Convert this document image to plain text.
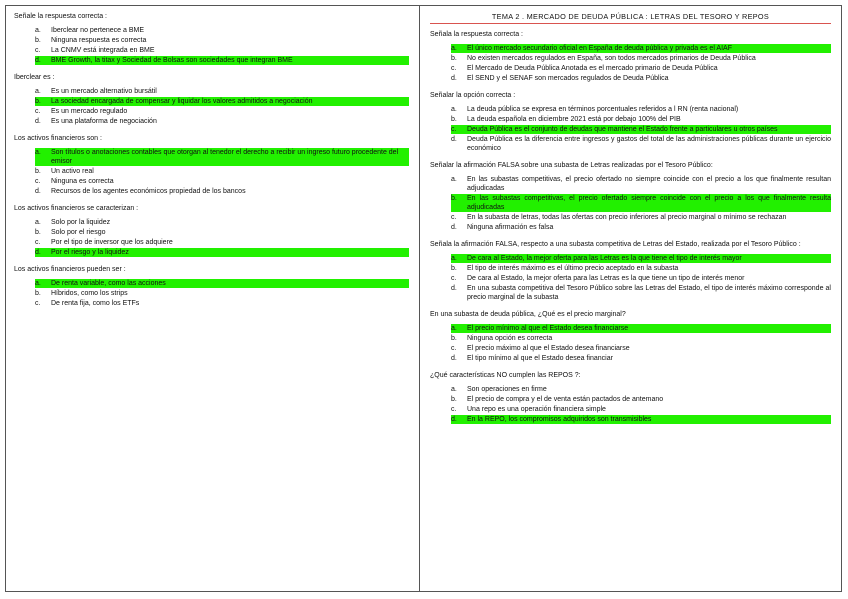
Señale la respuesta correcta :
a.	Iberclear no pertenece a BME
b.	Ninguna respuesta es correcta
c.	La CNMV está integrada en BME
d.	BME Growth, la titax y Sociedad de Bolsas son sociedades que integran BME
Iberclear es :
a.	Es un mercado alternativo bursátil
b.	La sociedad encargada de compensar y liquidar los valores admitidos a negociación
c.	Es un mercado regulado
d.	Es una plataforma de negociación
Los activos financieros son :
a.	Son títulos o anotaciones contables que otorgan al tenedor el derecho a recibir un ingreso futuro procedente del emisor
b.	Un activo real
c.	Ninguna es correcta
d.	Recursos de los agentes económicos propiedad de los bancos
Los activos financieros se caracterizan :
a.	Solo por la liquidez
b.	Solo por el riesgo
c.	Por el tipo de inversor que los adquiere
d.	Por el riesgo y la liquidez
Los activos financieros pueden ser :
a.	De renta variable, como las acciones
b.	Híbridos, como los strips
c.	De renta fija, como los ETFs
TEMA 2 . MERCADO DE DEUDA PÚBLICA : LETRAS DEL TESORO Y REPOS
Señala la respuesta correcta :
a.	El único mercado secundario oficial en España de deuda pública y privada es el AIAF
b.	No existen mercados regulados en España, son todos mercados primarios de Deuda Pública
c.	El Mercado de Deuda Pública Anotada es el mercado primario de Deuda Pública
d.	El SEND y el SENAF son mercados regulados de Deuda Pública
Señalar la opción correcta :
a.	La deuda pública se expresa en términos porcentuales referidos a l RN (renta nacional)
b.	La deuda española en diciembre 2021 está por debajo 100% del PIB
c.	Deuda Pública es el conjunto de deudas que mantiene el Estado frente a particulares u otros países
d.	Deuda Pública es la diferencia entre ingresos y gastos del total de las administraciones públicas durante un ejercicio económico
Señalar la afirmación FALSA sobre una subasta de Letras realizadas por el Tesoro Público:
a.	En las subastas competitivas, el precio ofertado no siempre coincide con el precio a los que finalmente resultan adjudicadas
b.	En las subastas competitivas, el precio ofertado siempre coincide con el precio a los que finalmente resulta adjudicadas
c.	En la subasta de letras, todas las ofertas con precio inferiores al precio marginal o mínimo se rechazan
d.	Ninguna afirmación es falsa
Señala la afirmación FALSA, respecto a una subasta competitiva de Letras del Estado, realizada por el Tesoro Público :
a.	De cara al Estado, la mejor oferta para las Letras es la que tiene el tipo de interés mayor
b.	El tipo de interés máximo es el último precio aceptado en la subasta
c.	De cara al Estado, la mejor oferta para las Letras es la que tiene un tipo de interés menor
d.	En una subasta competitiva del Tesoro Público sobre las Letras del Estado, el tipo de interés máximo corresponde al precio marginal de la subasta
En una subasta de deuda pública, ¿Qué es el precio marginal?
a.	El precio mínimo al que el Estado desea financiarse
b.	Ninguna opción es correcta
c.	El precio máximo al que el Estado desea financiarse
d.	El tipo mínimo al que el Estado desea financiar
¿Qué características NO cumplen las REPOS ?:
a.	Son operaciones en firme
b.	El precio de compra y el de venta están pactados de antemano
c.	Una repo es una operación financiera simple
d.	En la REPO, los compromisos adquiridos son transmisibles
